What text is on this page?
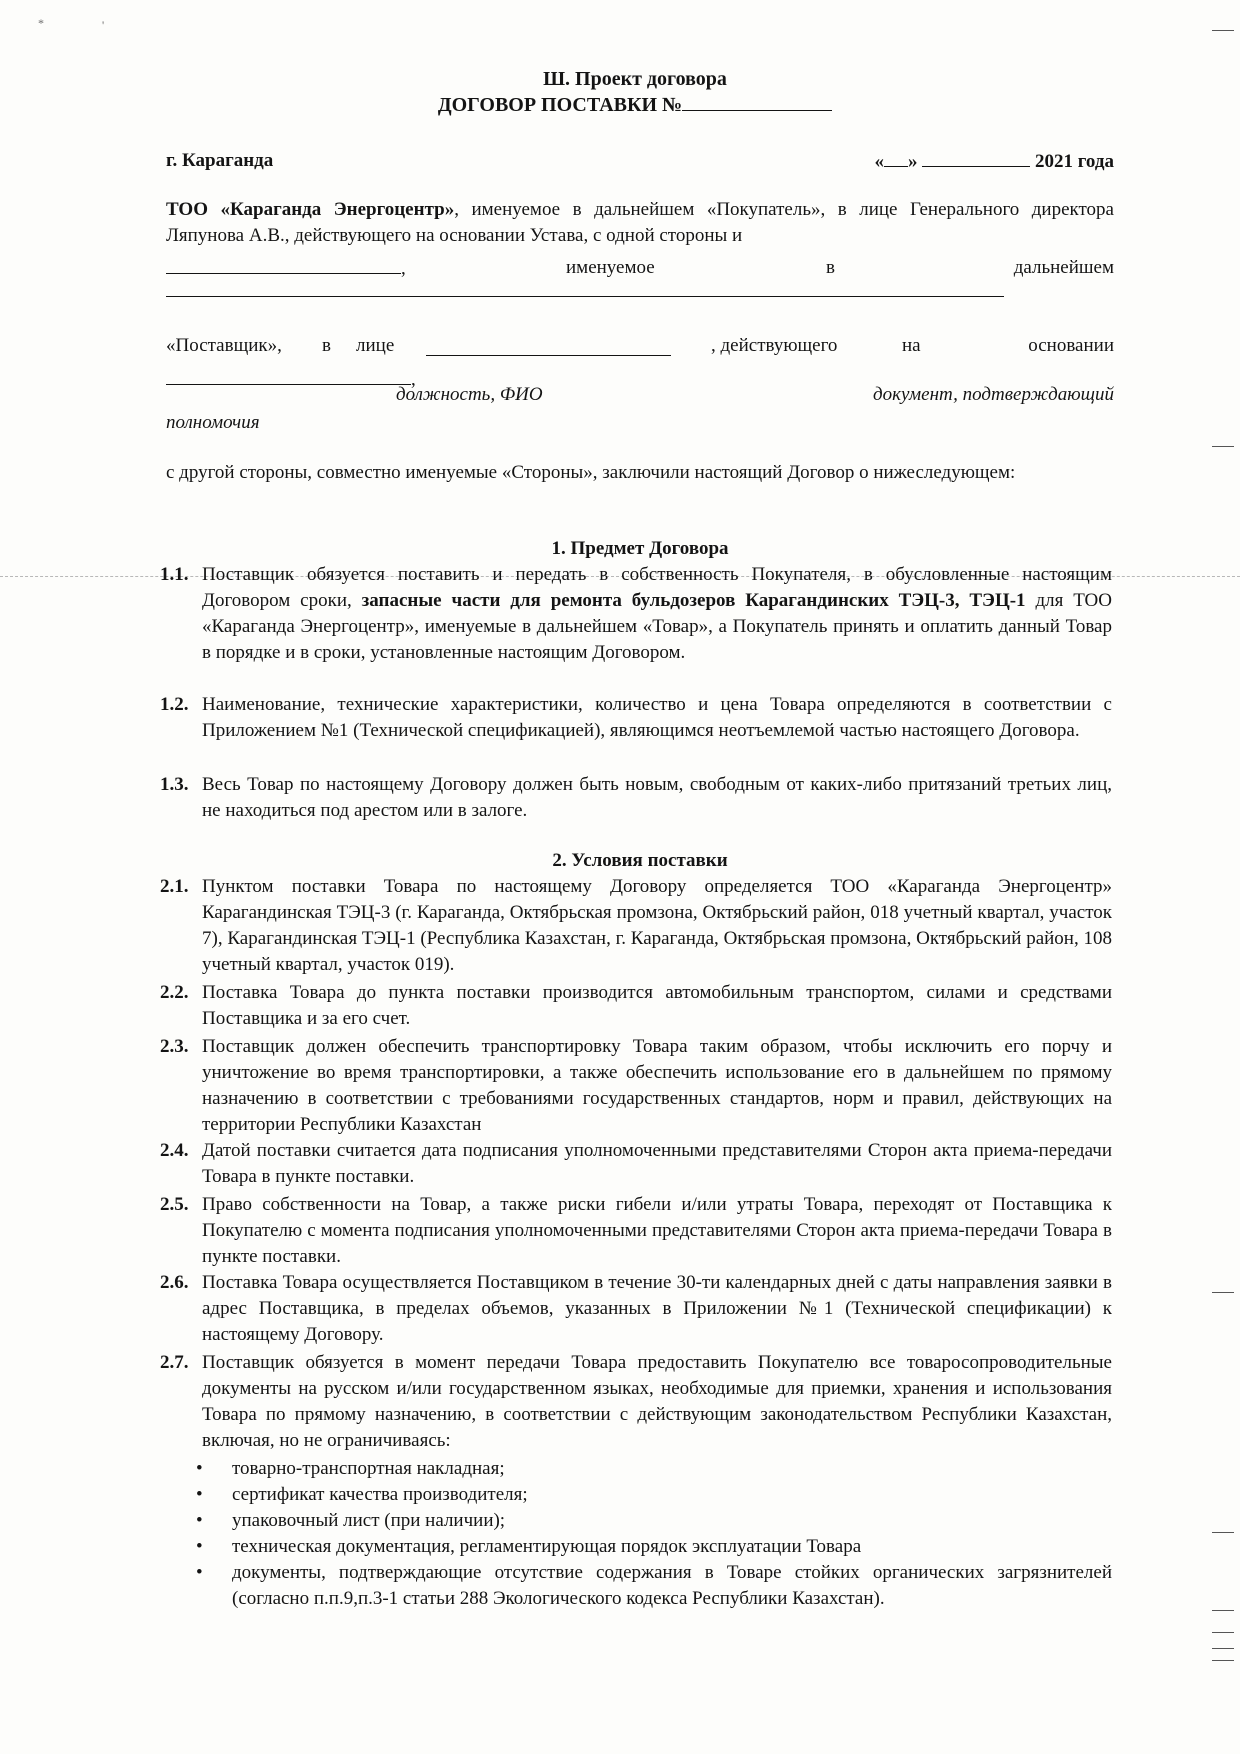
*	'
Ш. Проект договора
ДОГОВОР ПОСТАВКИ №
г. Караганда	« »	2021 года
ТОО «Караганда Энергоцентр», именуемое в дальнейшем «Покупатель», в лице Генерального директора Ляпунова А.В., действующего на основании Устава, с одной стороны и
,	именуемое	в	дальнейшем
«Поставщик», в лице	, действующего	на	основании
,
должность, ФИО	документ, подтверждающий
полномочия
с другой стороны, совместно именуемые «Стороны», заключили настоящий Договор о нижеследующем:
1. Предмет Договора
1.1. Поставщик обязуется поставить и передать в собственность Покупателя, в обусловленные настоящим Договором сроки, запасные части для ремонта бульдозеров Карагандинских ТЭЦ-3, ТЭЦ-1 для ТОО «Караганда Энергоцентр», именуемые в дальнейшем «Товар», а Покупатель принять и оплатить данный Товар в порядке и в сроки, установленные настоящим Договором.
1.2. Наименование, технические характеристики, количество и цена Товара определяются в соответствии с Приложением №1 (Технической спецификацией), являющимся неотъемлемой частью настоящего Договора.
1.3. Весь Товар по настоящему Договору должен быть новым, свободным от каких-либо притязаний третьих лиц, не находиться под арестом или в залоге.
2. Условия поставки
2.1. Пунктом поставки Товара по настоящему Договору определяется ТОО «Караганда Энергоцентр» Карагандинская ТЭЦ-3 (г. Караганда, Октябрьская промзона, Октябрьский район, 018 учетный квартал, участок 7), Карагандинская ТЭЦ-1 (Республика Казахстан, г. Караганда, Октябрьская промзона, Октябрьский район, 108 учетный квартал, участок 019).
2.2. Поставка Товара до пункта поставки производится автомобильным транспортом, силами и средствами Поставщика и за его счет.
2.3. Поставщик должен обеспечить транспортировку Товара таким образом, чтобы исключить его порчу и уничтожение во время транспортировки, а также обеспечить использование его в дальнейшем по прямому назначению в соответствии с требованиями государственных стандартов, норм и правил, действующих на территории Республики Казахстан
2.4. Датой поставки считается дата подписания уполномоченными представителями Сторон акта приема-передачи Товара в пункте поставки.
2.5. Право собственности на Товар, а также риски гибели и/или утраты Товара, переходят от Поставщика к Покупателю с момента подписания уполномоченными представителями Сторон акта приема-передачи Товара в пункте поставки.
2.6. Поставка Товара осуществляется Поставщиком в течение 30-ти календарных дней с даты направления заявки в адрес Поставщика, в пределах объемов, указанных в Приложении №1 (Технической спецификации) к настоящему Договору.
2.7. Поставщик обязуется в момент передачи Товара предоставить Покупателю все товаросопроводительные документы на русском и/или государственном языках, необходимые для приемки, хранения и использования Товара по прямому назначению, в соответствии с действующим законодательством Республики Казахстан, включая, но не ограничиваясь:
• товарно-транспортная накладная;
• сертификат качества производителя;
• упаковочный лист (при наличии);
• техническая документация, регламентирующая порядок эксплуатации Товара
• документы, подтверждающие отсутствие содержания в Товаре стойких органических загрязнителей (согласно п.п.9,п.3-1 статьи 288 Экологического кодекса Республики Казахстан).
